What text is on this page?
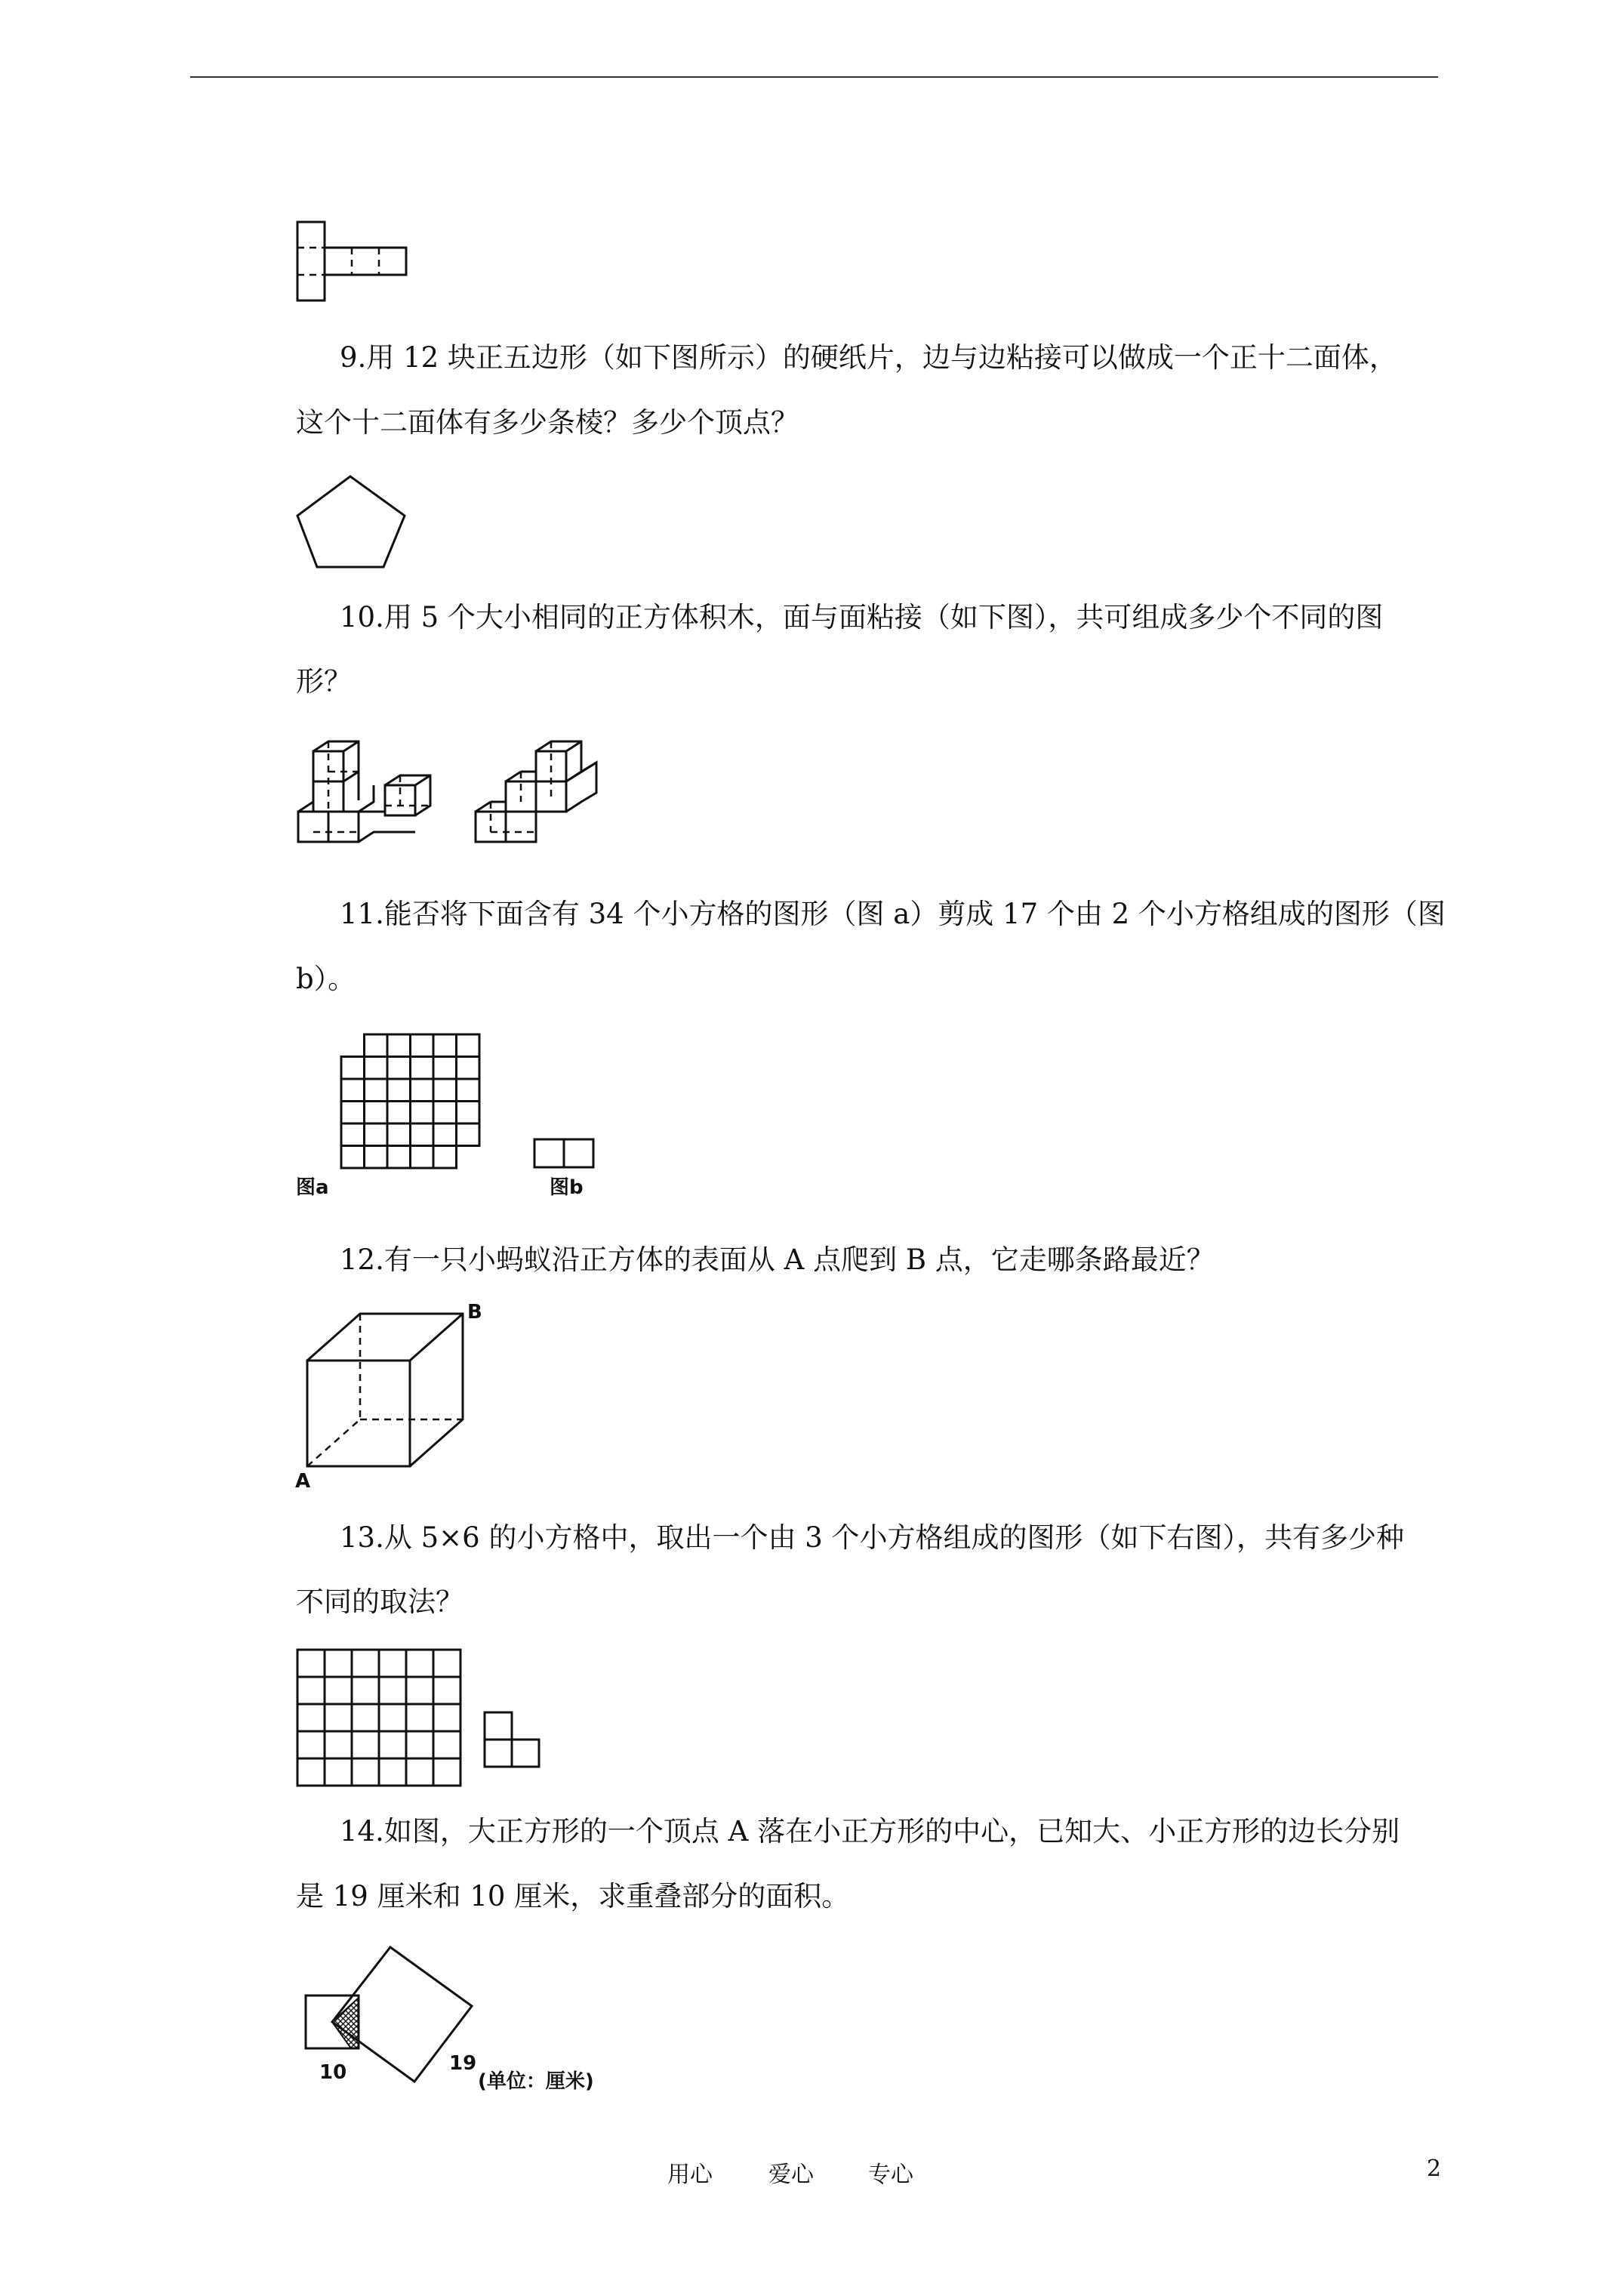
9.用 12 块正五边形（如下图所示）的硬纸片，边与边粘接可以做成一个正十二面体，
这个十二面体有多少条棱？多少个顶点？
10.用 5 个大小相同的正方体积木，面与面粘接（如下图），共可组成多少个不同的图
形？
11.能否将下面含有 34 个小方格的图形（图 a）剪成 17 个由 2 个小方格组成的图形（图
b）。
图a	图b
12.有一只小蚂蚁沿正方体的表面从 A 点爬到 B 点，它走哪条路最近？
B
A
13.从 5×6 的小方格中，取出一个由 3 个小方格组成的图形（如下右图），共有多少种
不同的取法？
14.如图，大正方形的一个顶点 A 落在小正方形的中心，已知大、小正方形的边长分别
是 19 厘米和 10 厘米，求重叠部分的面积。
10	19
(单位：厘米)
用心 爱心 专心	2
